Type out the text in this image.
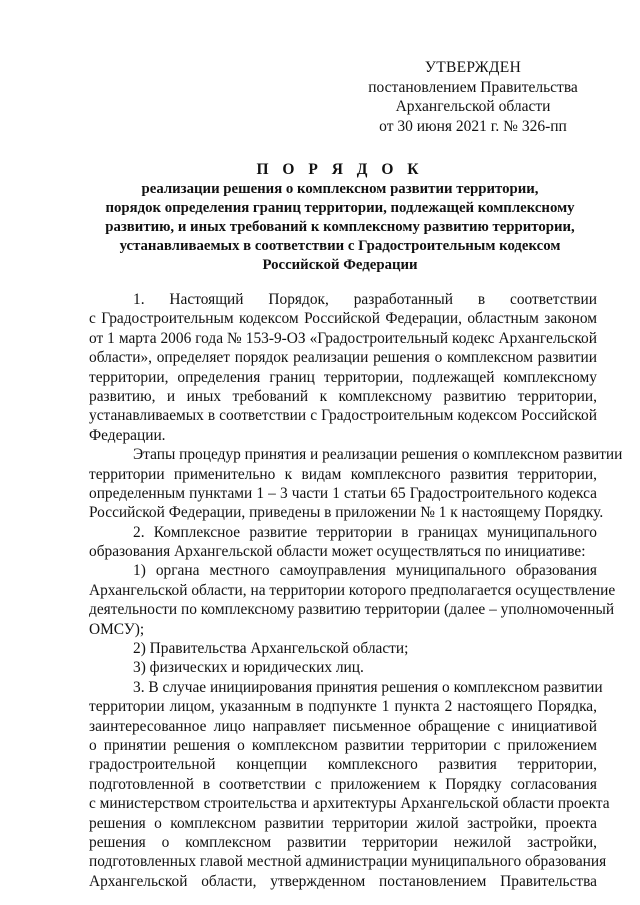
УТВЕРЖДЕН
постановлением Правительства
Архангельской области
от 30 июня 2021 г. № 326-пп
П О Р Я Д О К
реализации решения о комплексном развитии территории,
порядок определения границ территории, подлежащей комплексному
развитию, и иных требований к комплексному развитию территории,
устанавливаемых в соответствии с Градостроительным кодексом
Российской Федерации
1. Настоящий Порядок, разработанный в соответствии
с Градостроительным кодексом Российской Федерации, областным законом
от 1 марта 2006 года № 153-9-ОЗ «Градостроительный кодекс Архангельской
области», определяет порядок реализации решения о комплексном развитии
территории, определения границ территории, подлежащей комплексному
развитию, и иных требований к комплексному развитию территории,
устанавливаемых в соответствии с Градостроительным кодексом Российской
Федерации.
Этапы процедур принятия и реализации решения о комплексном развитии
территории применительно к видам комплексного развития территории,
определенным пунктами 1 – 3 части 1 статьи 65 Градостроительного кодекса
Российской Федерации, приведены в приложении № 1 к настоящему Порядку.
2. Комплексное развитие территории в границах муниципального
образования Архангельской области может осуществляться по инициативе:
1) органа местного самоуправления муниципального образования
Архангельской области, на территории которого предполагается осуществление
деятельности по комплексному развитию территории (далее – уполномоченный
ОМСУ);
2) Правительства Архангельской области;
3) физических и юридических лиц.
3. В случае инициирования принятия решения о комплексном развитии
территории лицом, указанным в подпункте 1 пункта 2 настоящего Порядка,
заинтересованное лицо направляет письменное обращение с инициативой
о принятии решения о комплексном развитии территории с приложением
градостроительной концепции комплексного развития территории,
подготовленной в соответствии с приложением к Порядку согласования
с министерством строительства и архитектуры Архангельской области проекта
решения о комплексном развитии территории жилой застройки, проекта
решения о комплексном развитии территории нежилой застройки,
подготовленных главой местной администрации муниципального образования
Архангельской области, утвержденном постановлением Правительства
